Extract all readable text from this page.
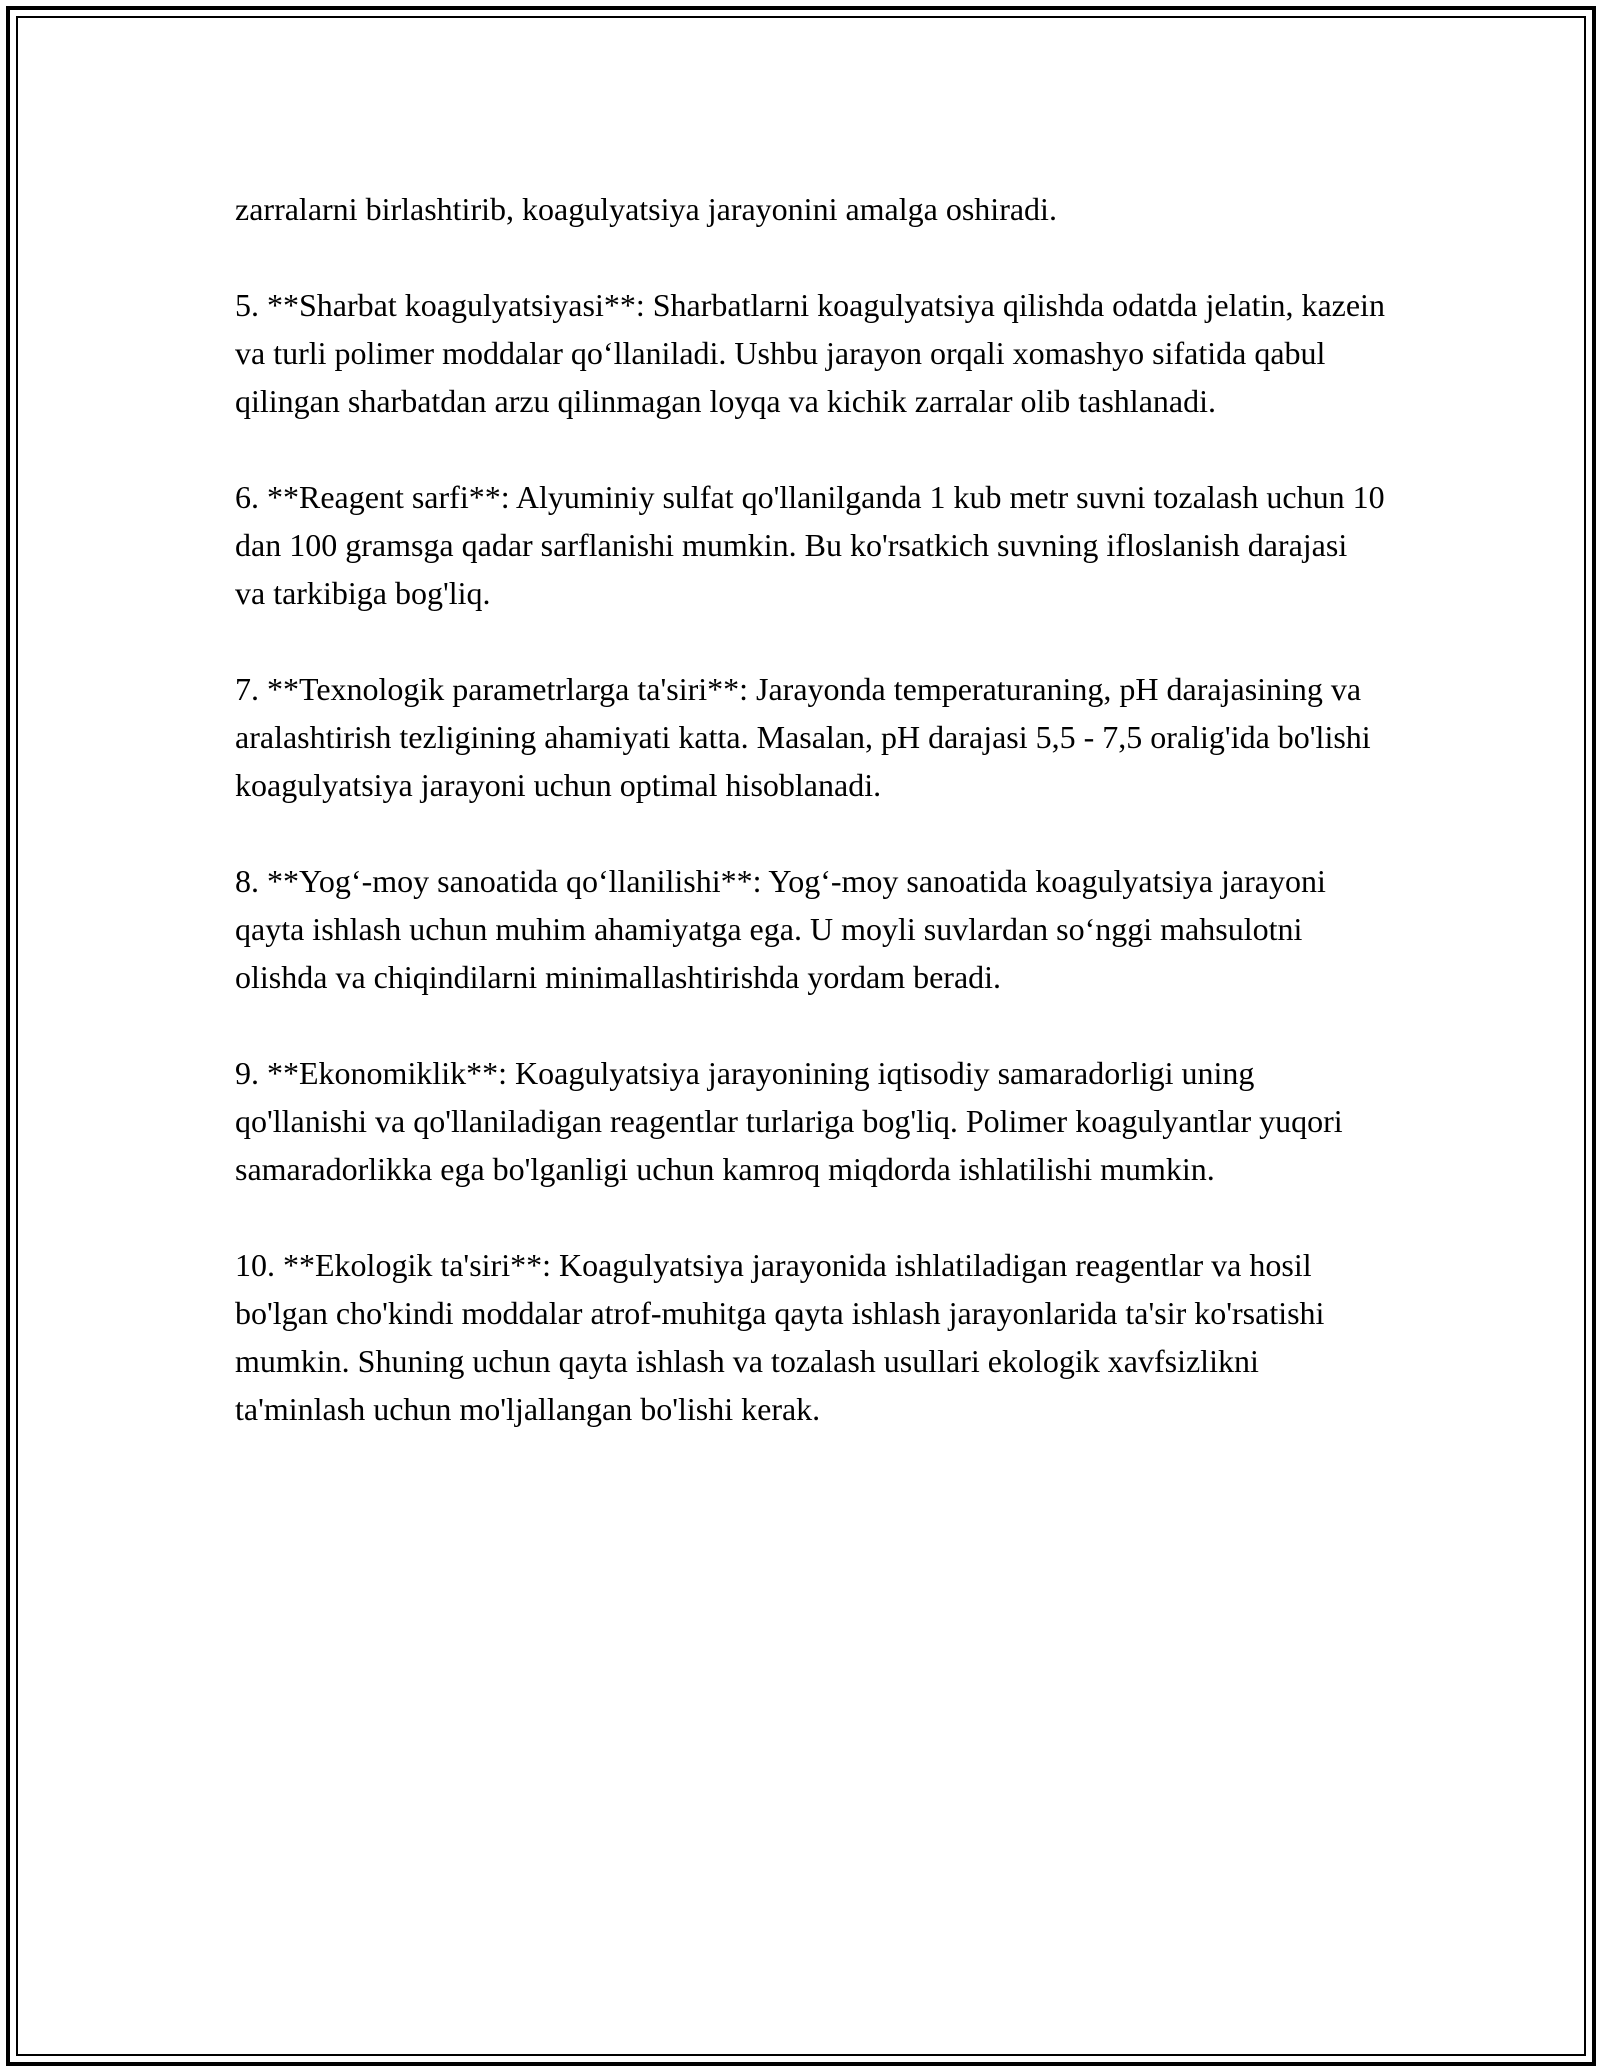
zarralarni birlashtirib, koagulyatsiya jarayonini amalga oshiradi.

5. **Sharbat koagulyatsiyasi**: Sharbatlarni koagulyatsiya qilishda odatda jelatin, kazein va turli polimer moddalar qo‘llaniladi. Ushbu jarayon orqali xomashyo sifatida qabul qilingan sharbatdan arzu qilinmagan loyqa va kichik zarralar olib tashlanadi.

6. **Reagent sarfi**: Alyuminiy sulfat qo'llanilganda 1 kub metr suvni tozalash uchun 10 dan 100 gramsga qadar sarflanishi mumkin. Bu ko'rsatkich suvning ifloslanish darajasi va tarkibiga bog'liq.

7. **Texnologik parametrlarga ta'siri**: Jarayonda temperaturaning, pH darajasining va aralashtirish tezligining ahamiyati katta. Masalan, pH darajasi 5,5 - 7,5 oralig'ida bo'lishi koagulyatsiya jarayoni uchun optimal hisoblanadi.

8. **Yog‘-moy sanoatida qo‘llanilishi**: Yog‘-moy sanoatida koagulyatsiya jarayoni qayta ishlash uchun muhim ahamiyatga ega. U moyli suvlardan so‘nggi mahsulotni olishda va chiqindilarni minimallashtirishda yordam beradi.

9. **Ekonomiklik**: Koagulyatsiya jarayonining iqtisodiy samaradorligi uning qo'llanishi va qo'llaniladigan reagentlar turlariga bog'liq. Polimer koagulyantlar yuqori samaradorlikka ega bo'lganligi uchun kamroq miqdorda ishlatilishi mumkin.

10. **Ekologik ta'siri**: Koagulyatsiya jarayonida ishlatiladigan reagentlar va hosil bo'lgan cho'kindi moddalar atrof-muhitga qayta ishlash jarayonlarida ta'sir ko'rsatishi mumkin. Shuning uchun qayta ishlash va tozalash usullari ekologik xavfsizlikni ta'minlash uchun mo'ljallangan bo'lishi kerak.
